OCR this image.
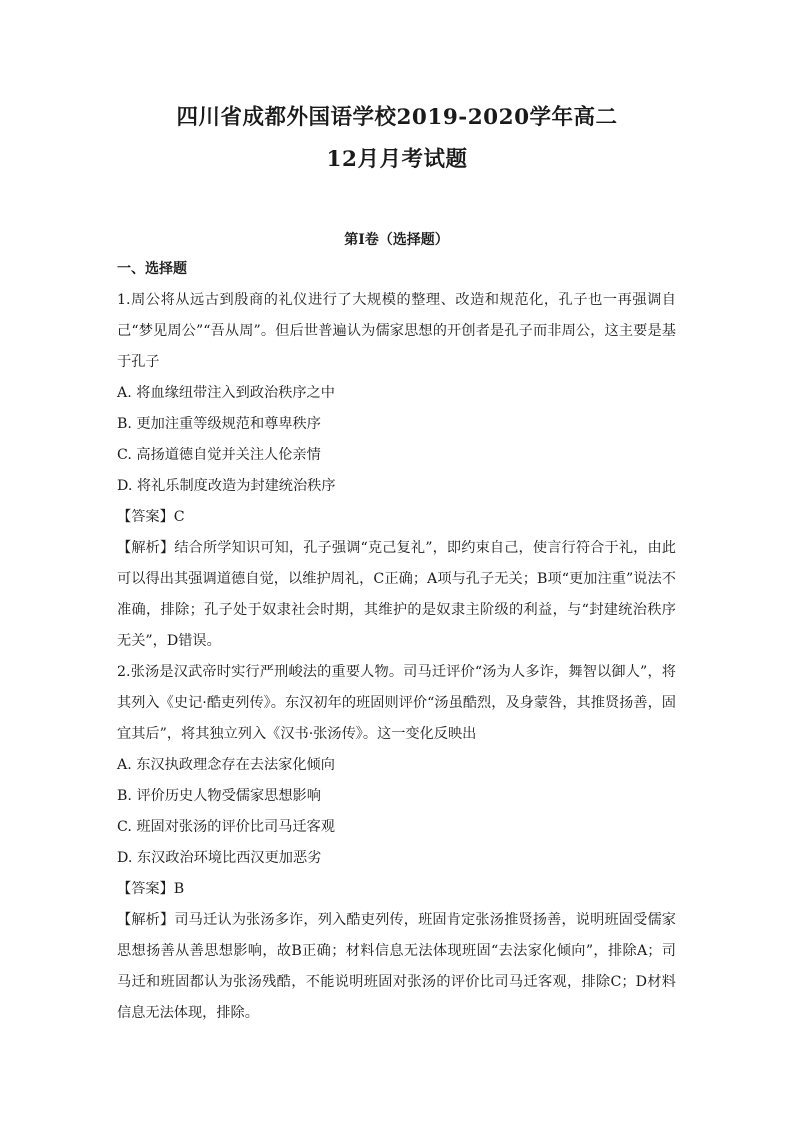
四川省成都外国语学校2019-2020学年高二
12月月考试题
第Ⅰ卷（选择题）
一、选择题
1.周公将从远古到殷商的礼仪进行了大规模的整理、改造和规范化，孔子也一再强调自己“梦见周公”“吾从周”。但后世普遍认为儒家思想的开创者是孔子而非周公，这主要是基于孔子
A. 将血缘纽带注入到政治秩序之中
B. 更加注重等级规范和尊卑秩序
C. 高扬道德自觉并关注人伦亲情
D. 将礼乐制度改造为封建统治秩序
【答案】C
【解析】结合所学知识可知，孔子强调“克己复礼”，即约束自己，使言行符合于礼，由此可以得出其强调道德自觉，以维护周礼，C正确；A项与孔子无关；B项“更加注重”说法不准确，排除；孔子处于奴隶社会时期，其维护的是奴隶主阶级的利益，与“封建统治秩序无关”，D错误。
2.张汤是汉武帝时实行严刑峻法的重要人物。司马迁评价“汤为人多诈，舞智以御人”，将其列入《史记·酷吏列传》。东汉初年的班固则评价“汤虽酷烈，及身蒙咎，其推贤扬善，固宜其后”，将其独立列入《汉书·张汤传》。这一变化反映出
A. 东汉执政理念存在去法家化倾向
B. 评价历史人物受儒家思想影响
C. 班固对张汤的评价比司马迁客观
D. 东汉政治环境比西汉更加恶劣
【答案】B
【解析】司马迁认为张汤多诈，列入酷吏列传，班固肯定张汤推贤扬善，说明班固受儒家思想扬善从善思想影响，故B正确；材料信息无法体现班固“去法家化倾向”，排除A；司马迁和班固都认为张汤残酷，不能说明班固对张汤的评价比司马迁客观，排除C；D材料信息无法体现，排除。
